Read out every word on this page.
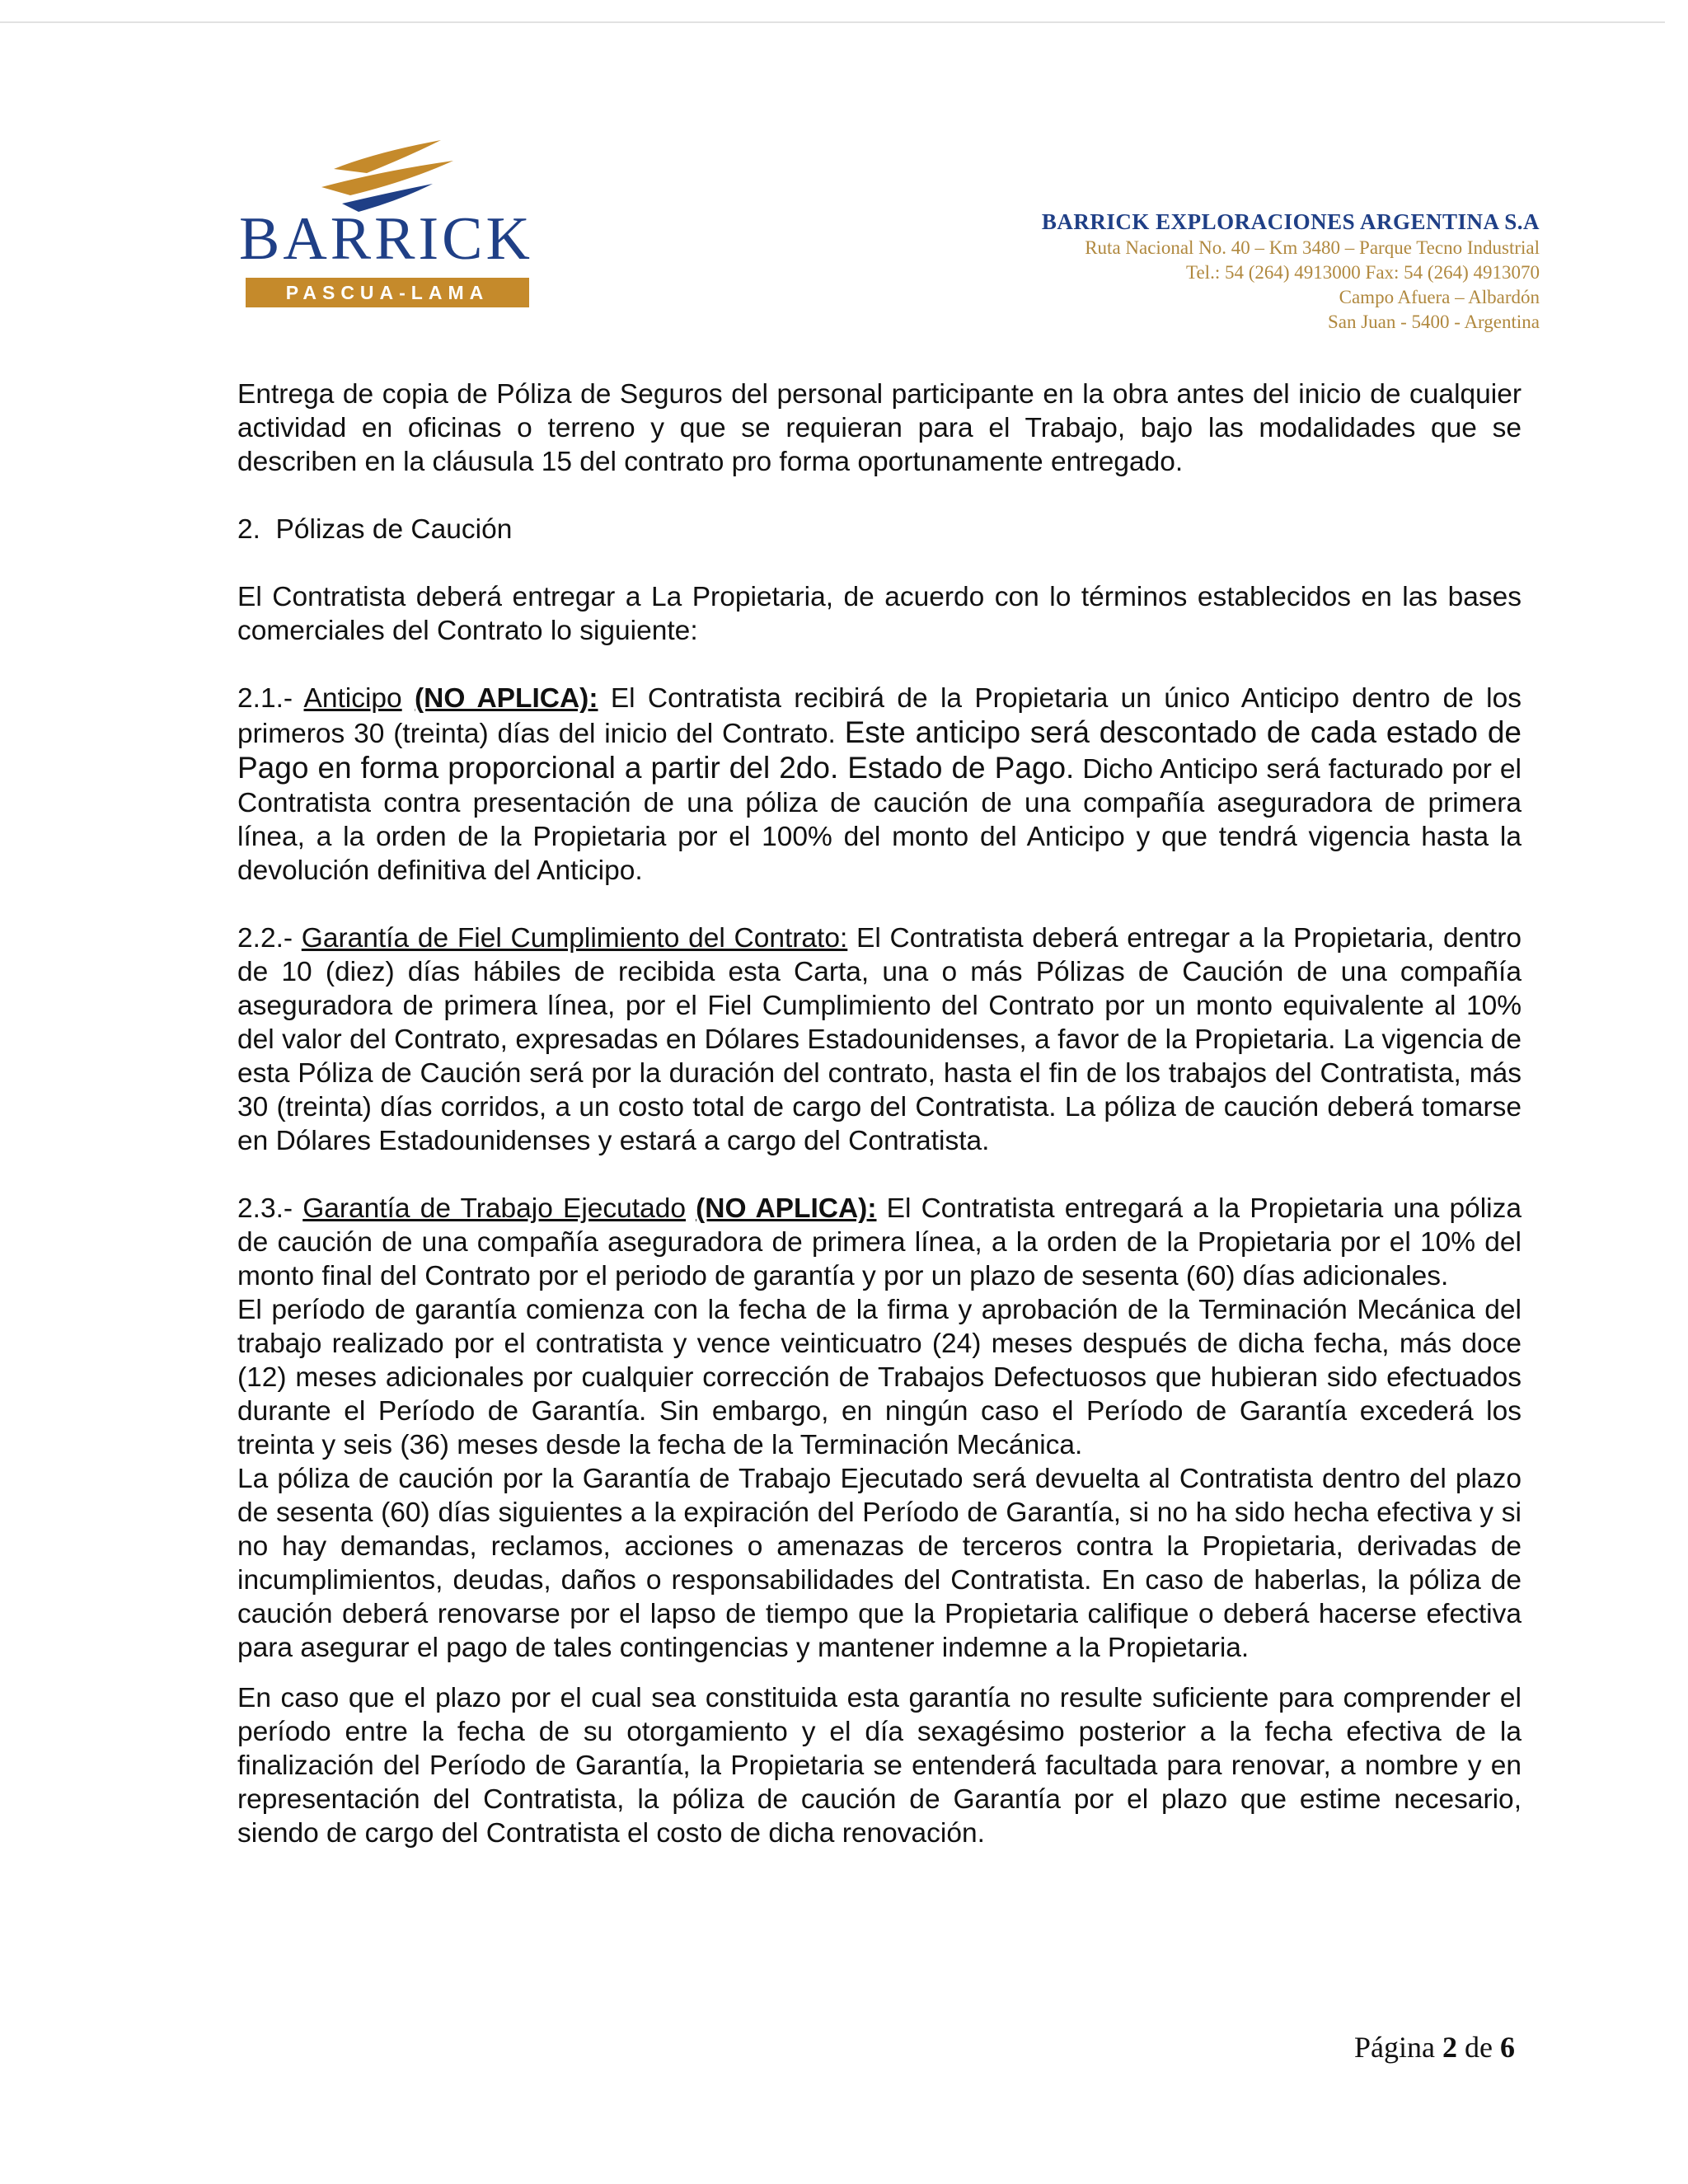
BARRICK
PASCUA-LAMA
BARRICK EXPLORACIONES ARGENTINA S.A
Ruta Nacional No. 40 – Km 3480 – Parque Tecno Industrial
Tel.: 54 (264) 4913000 Fax: 54 (264) 4913070
Campo Afuera – Albardón
San Juan - 5400 - Argentina

Entrega de copia de Póliza de Seguros del personal participante en la obra antes del inicio de cualquier actividad en oficinas o terreno y que se requieran para el Trabajo, bajo las modalidades que se describen en la cláusula 15 del contrato pro forma oportunamente entregado.

2.  Pólizas de Caución

El Contratista deberá entregar a La Propietaria, de acuerdo con lo términos establecidos en las bases comerciales del Contrato lo siguiente:

2.1.- Anticipo (NO APLICA): El Contratista recibirá de la Propietaria un único Anticipo dentro de los primeros 30 (treinta) días del inicio del Contrato. Este anticipo será descontado de cada estado de Pago en forma proporcional a partir del 2do. Estado de Pago. Dicho Anticipo será facturado por el Contratista contra presentación de una póliza de caución de una compañía aseguradora de primera línea, a la orden de la Propietaria por el 100% del monto del Anticipo y que tendrá vigencia hasta la devolución definitiva del Anticipo.

2.2.- Garantía de Fiel Cumplimiento del Contrato: El Contratista deberá entregar a la Propietaria, dentro de 10 (diez) días hábiles de recibida esta Carta, una o más Pólizas de Caución de una compañía aseguradora de primera línea, por el Fiel Cumplimiento del Contrato por un monto equivalente al 10% del valor del Contrato, expresadas en Dólares Estadounidenses, a favor de la Propietaria. La vigencia de esta Póliza de Caución será por la duración del contrato, hasta el fin de los trabajos del Contratista, más 30 (treinta) días corridos, a un costo total de cargo del Contratista. La póliza de caución deberá tomarse en Dólares Estadounidenses y estará a cargo del Contratista.

2.3.- Garantía de Trabajo Ejecutado (NO APLICA): El Contratista entregará a la Propietaria una póliza de caución de una compañía aseguradora de primera línea, a la orden de la Propietaria por el 10% del monto final del Contrato por el periodo de garantía y por un plazo de sesenta (60) días adicionales.

El período de garantía comienza con la fecha de la firma y aprobación de la Terminación Mecánica del trabajo realizado por el contratista y vence veinticuatro (24) meses después de dicha fecha, más doce (12) meses adicionales por cualquier corrección de Trabajos Defectuosos que hubieran sido efectuados durante el Período de Garantía. Sin embargo, en ningún caso el Período de Garantía excederá los treinta y seis (36) meses desde la fecha de la Terminación Mecánica.

La póliza de caución por la Garantía de Trabajo Ejecutado será devuelta al Contratista dentro del plazo de sesenta (60) días siguientes a la expiración del Período de Garantía, si no ha sido hecha efectiva y si no hay demandas, reclamos, acciones o amenazas de terceros contra la Propietaria, derivadas de incumplimientos, deudas, daños o responsabilidades del Contratista. En caso de haberlas, la póliza de caución deberá renovarse por el lapso de tiempo que la Propietaria califique o deberá hacerse efectiva para asegurar el pago de tales contingencias y mantener indemne a la Propietaria.

En caso que el plazo por el cual sea constituida esta garantía no resulte suficiente para comprender el período entre la fecha de su otorgamiento y el día sexagésimo posterior a la fecha efectiva de la finalización del Período de Garantía, la Propietaria se entenderá facultada para renovar, a nombre y en representación del Contratista, la póliza de caución de Garantía por el plazo que estime necesario, siendo de cargo del Contratista el costo de dicha renovación.

Página 2 de 6
